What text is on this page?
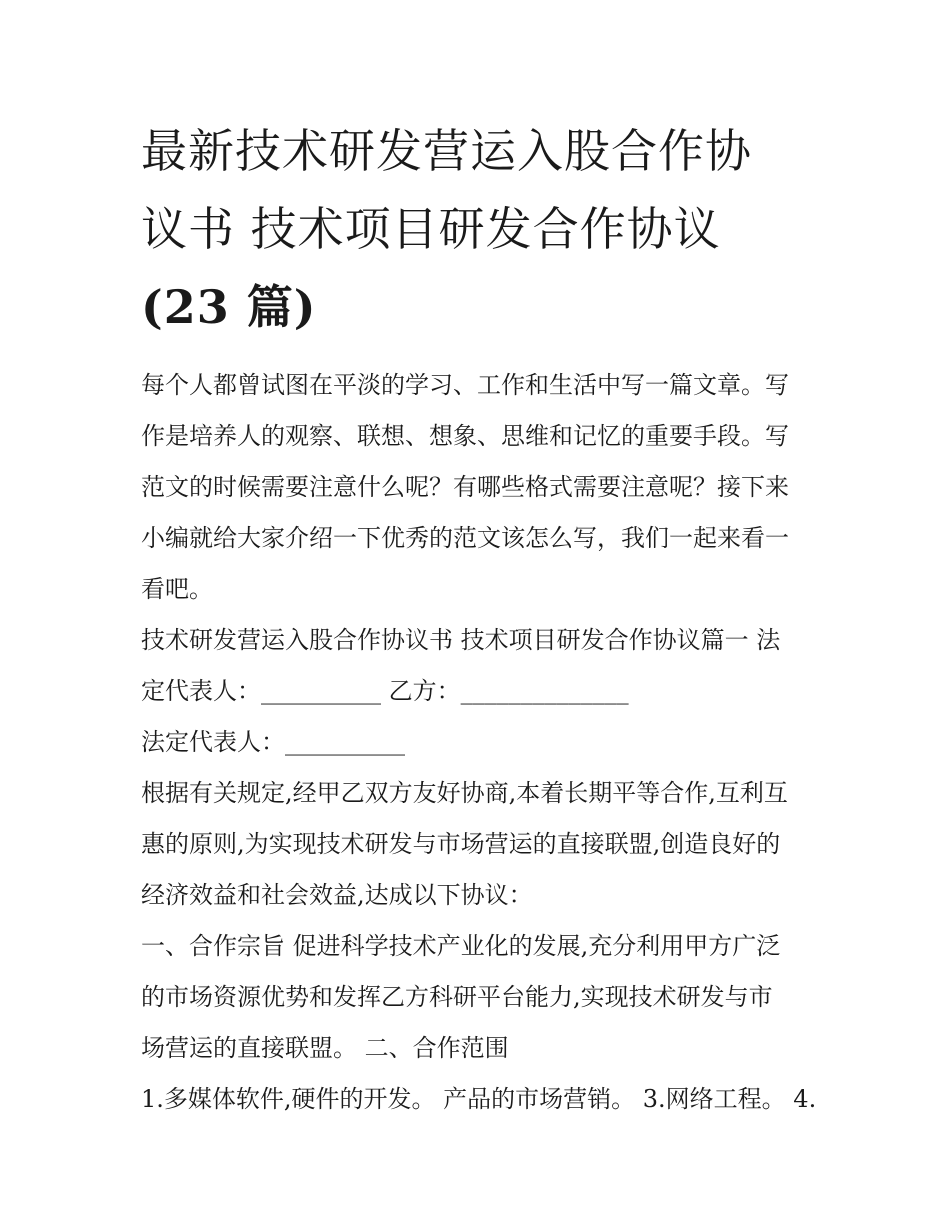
最新技术研发营运入股合作协
议书 技术项目研发合作协议
(23 篇)
每个人都曾试图在平淡的学习、工作和生活中写一篇文章。写
作是培养人的观察、联想、想象、思维和记忆的重要手段。写
范文的时候需要注意什么呢？有哪些格式需要注意呢？接下来
小编就给大家介绍一下优秀的范文该怎么写，我们一起来看一
看吧。
技术研发营运入股合作协议书 技术项目研发合作协议篇一 法
定代表人：__________ 乙方：______________
法定代表人：__________
根据有关规定,经甲乙双方友好协商,本着长期平等合作,互利互
惠的原则,为实现技术研发与市场营运的直接联盟,创造良好的
经济效益和社会效益,达成以下协议：
一、合作宗旨 促进科学技术产业化的发展,充分利用甲方广泛
的市场资源优势和发挥乙方科研平台能力,实现技术研发与市
场营运的直接联盟。 二、合作范围
1.多媒体软件,硬件的开发。 产品的市场营销。 3.网络工程。 4.
